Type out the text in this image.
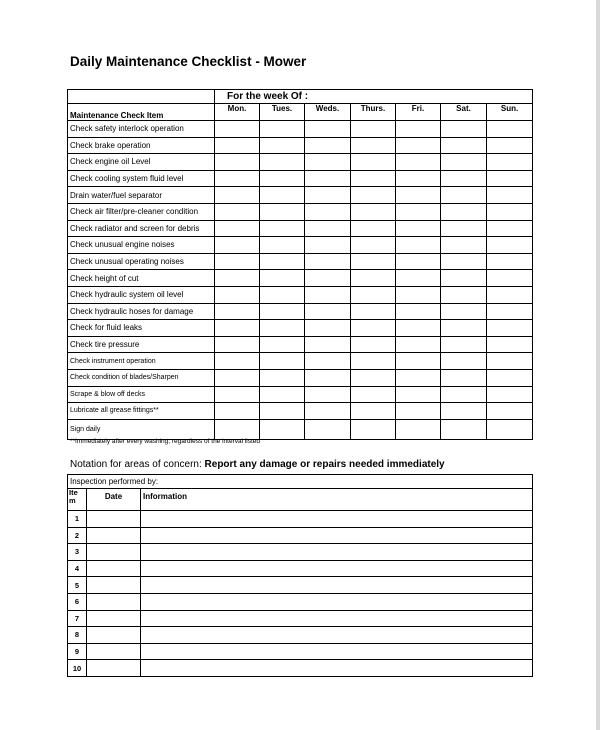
Daily Maintenance Checklist - Mower
	For the week Of :						
Maintenance Check Item	Mon.	Tues.	Weds.	Thurs.	Fri.	Sat.	Sun.
Check safety interlock operation							
Check brake operation							
Check engine oil Level							
Check cooling system fluid level							
Drain water/fuel separator							
Check air filter/pre-cleaner condition							
Check radiator and screen for debris							
Check unusual engine noises							
Check unusual operating noises							
Check height of cut							
Check hydraulic system oil level							
Check hydraulic hoses for damage							
Check for fluid leaks							
Check tire pressure							
Check instrument operation							
Check condition of blades/Sharpen							
Scrape & blow off decks							
Lubricate all grease fittings**							
Sign daily							
**Immediately after every washing, regardless of the interval listed
Notation for areas of concern: Report any damage or repairs needed immediately
Inspection performed by:		
Ite m	Date	Information
1		
2		
3		
4		
5		
6		
7		
8		
9		
10		
